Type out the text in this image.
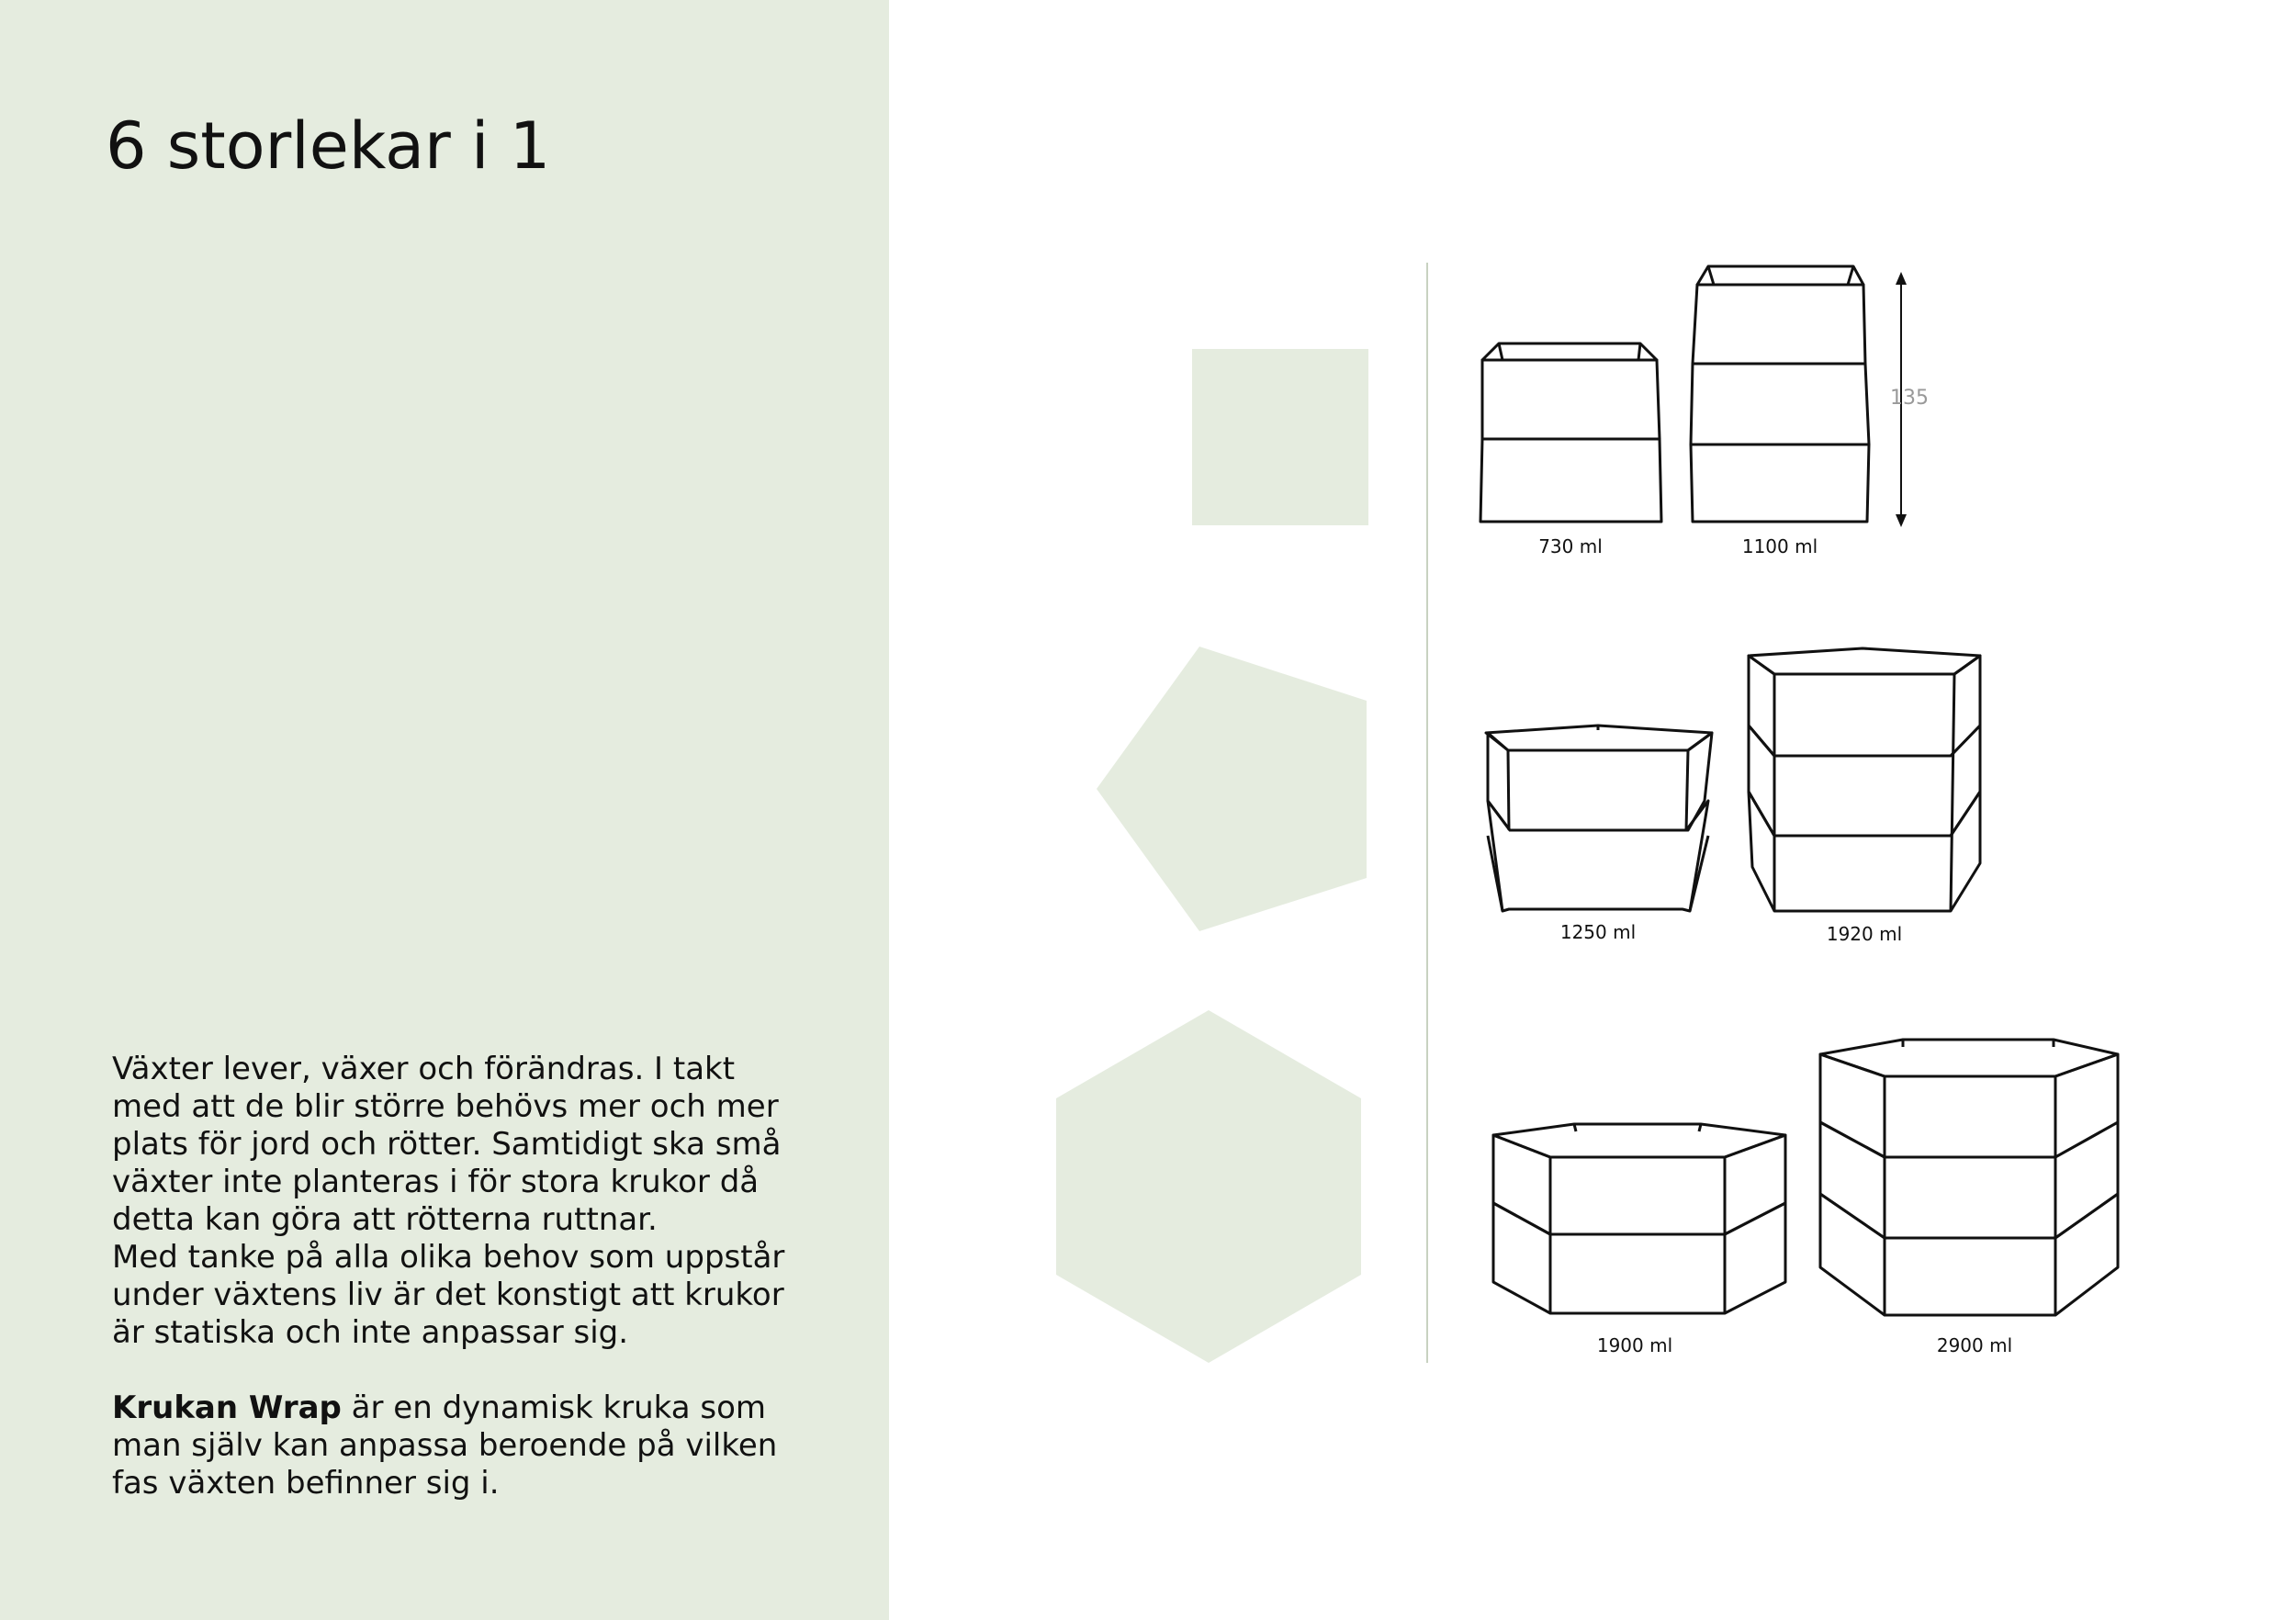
6 storlekar i 1

Växter lever, växer och förändras. I takt med att de blir större behövs mer och mer plats för jord och rötter. Samtidigt ska små växter inte planteras i för stora krukor då detta kan göra att rötterna ruttnar.

Med tanke på alla olika behov som uppstår under växtens liv är det konstigt att krukor är statiska och inte anpassar sig.

Krukan Wrap är en dynamisk kruka som man själv kan anpassa beroende på vilken fas växten befinner sig i.

135
730 ml	1100 ml
1250 ml	1920 ml
1900 ml	2900 ml
